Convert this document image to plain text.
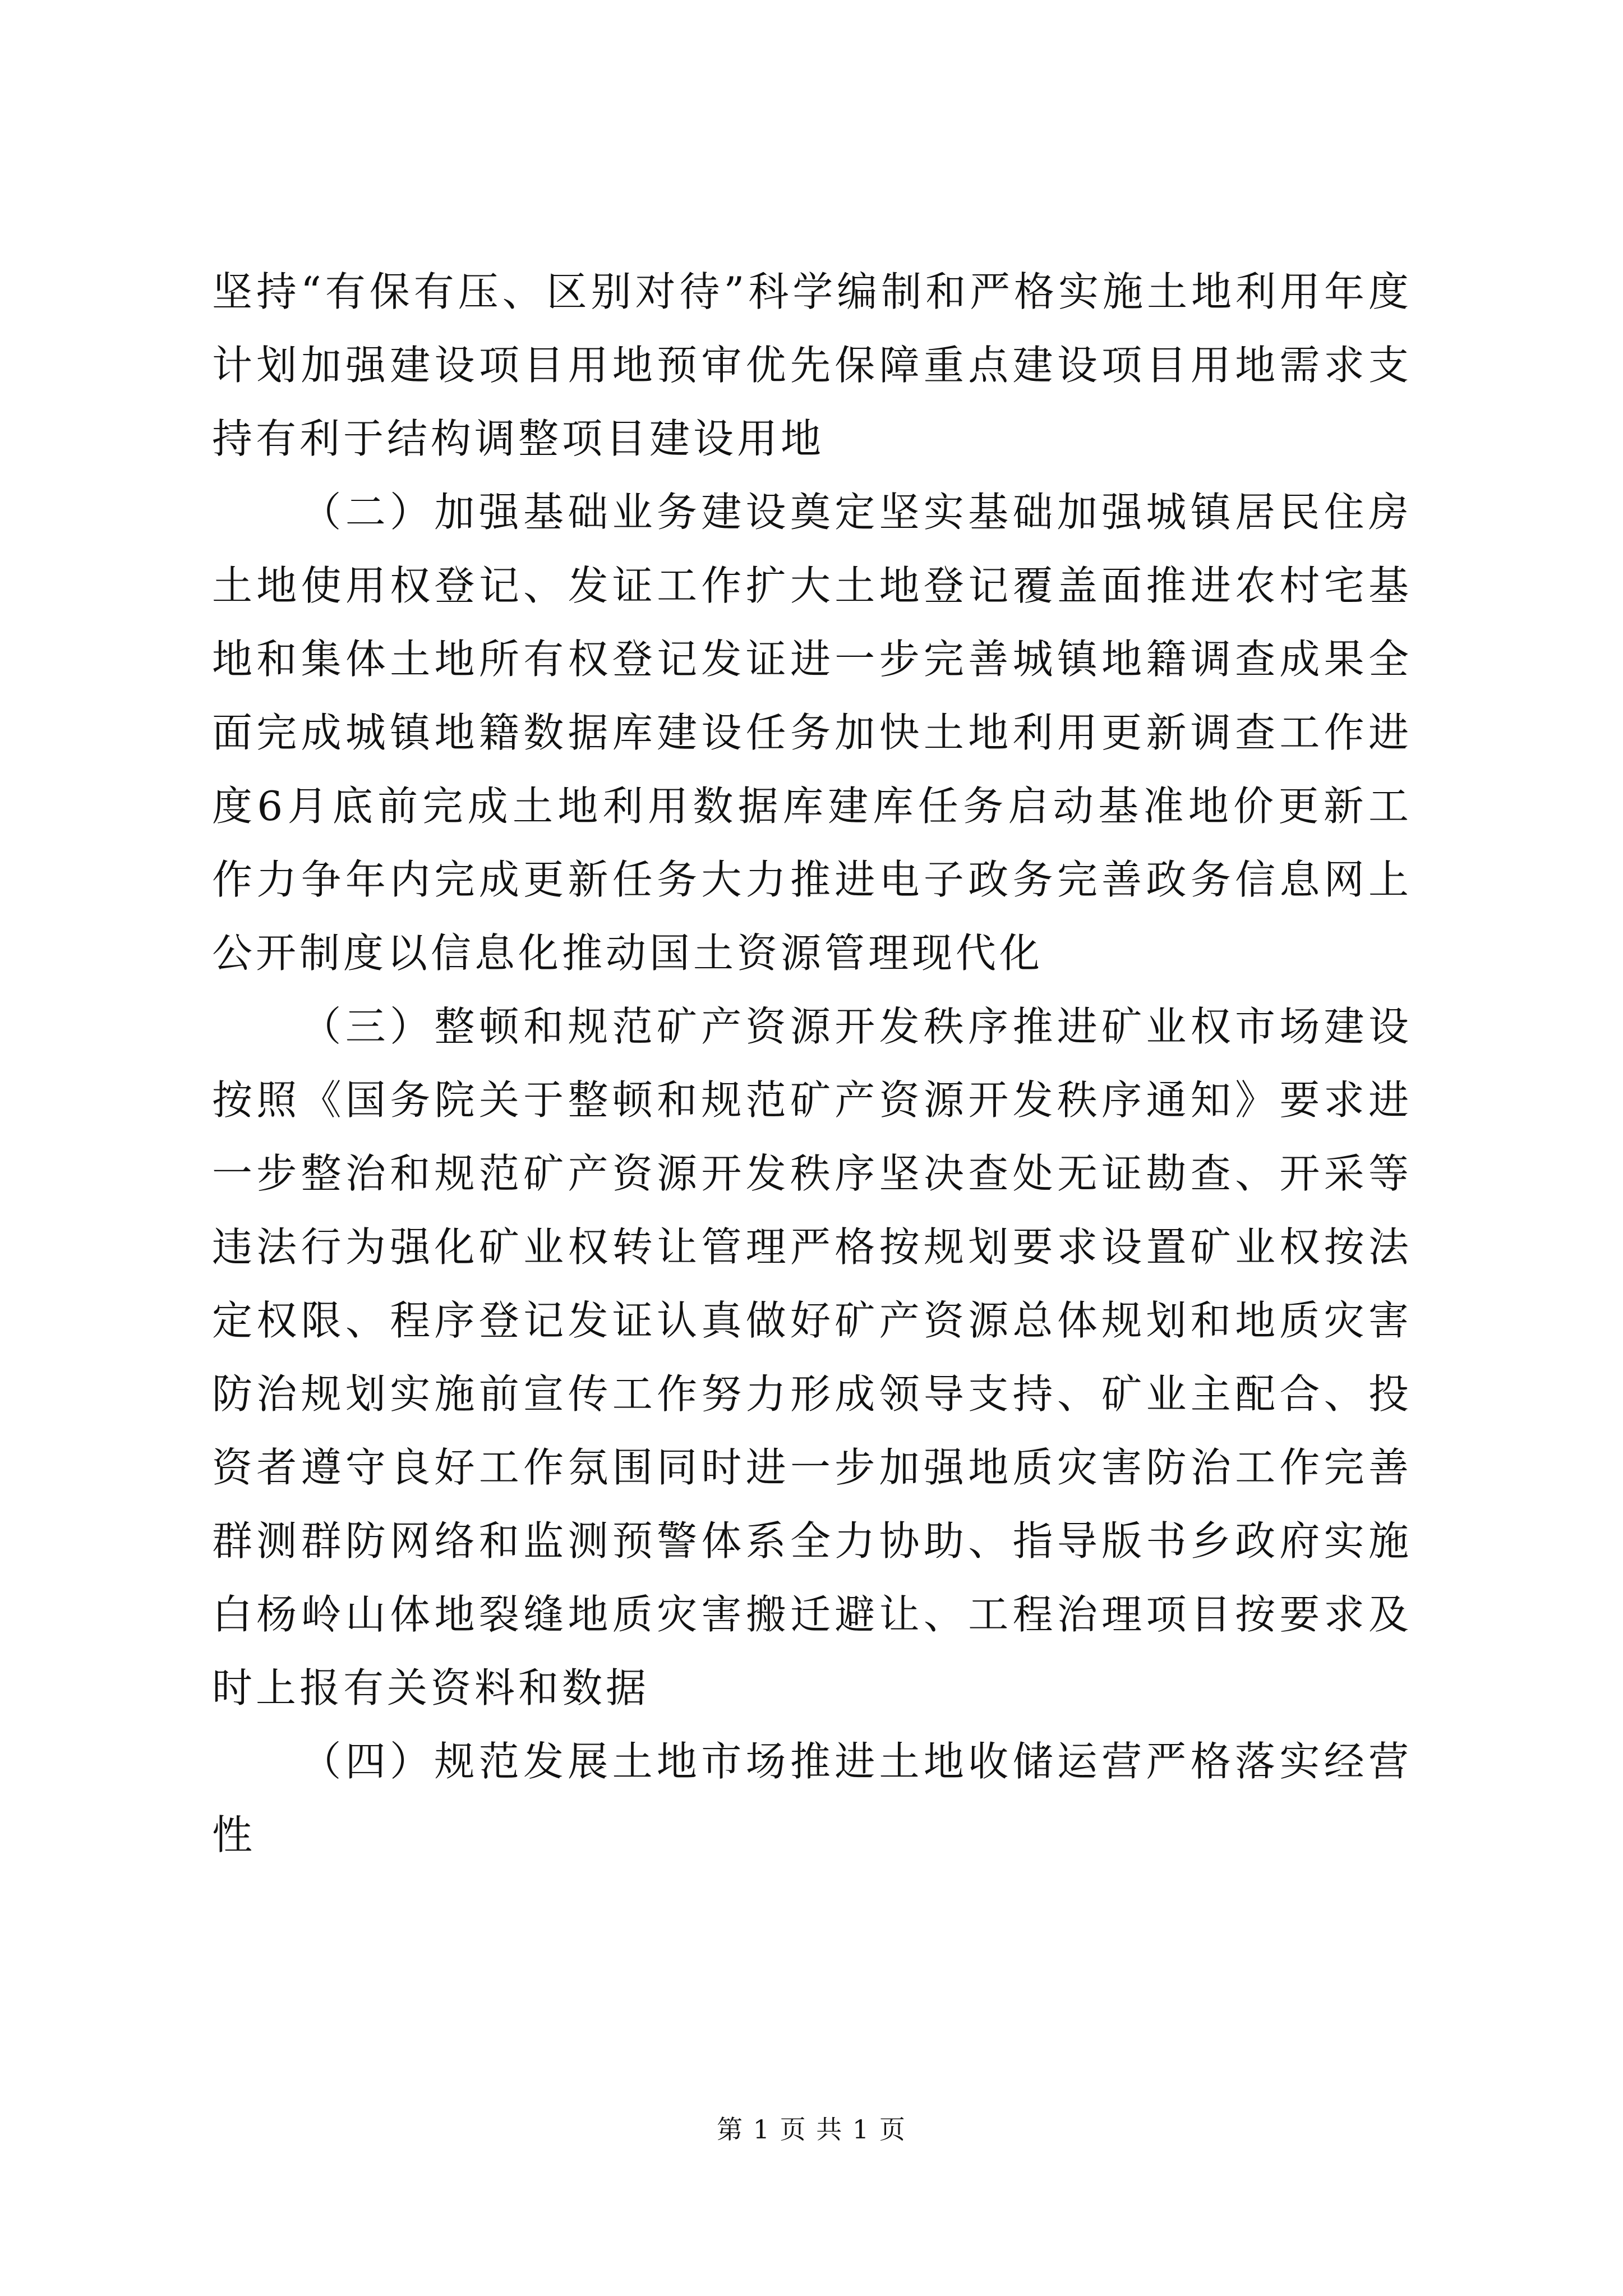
坚持“有保有压、区别对待”科学编制和严格实施土地利用年度计划加强建设项目用地预审优先保障重点建设项目用地需求支持有利于结构调整项目建设用地

（二）加强基础业务建设奠定坚实基础加强城镇居民住房土地使用权登记、发证工作扩大土地登记覆盖面推进农村宅基地和集体土地所有权登记发证进一步完善城镇地籍调查成果全面完成城镇地籍数据库建设任务加快土地利用更新调查工作进度6月底前完成土地利用数据库建库任务启动基准地价更新工作力争年内完成更新任务大力推进电子政务完善政务信息网上公开制度以信息化推动国土资源管理现代化

（三）整顿和规范矿产资源开发秩序推进矿业权市场建设按照《国务院关于整顿和规范矿产资源开发秩序通知》要求进一步整治和规范矿产资源开发秩序坚决查处无证勘查、开采等违法行为强化矿业权转让管理严格按规划要求设置矿业权按法定权限、程序登记发证认真做好矿产资源总体规划和地质灾害防治规划实施前宣传工作努力形成领导支持、矿业主配合、投资者遵守良好工作氛围同时进一步加强地质灾害防治工作完善群测群防网络和监测预警体系全力协助、指导版书乡政府实施白杨岭山体地裂缝地质灾害搬迁避让、工程治理项目按要求及时上报有关资料和数据

（四）规范发展土地市场推进土地收储运营严格落实经营性

第 1 页 共 1 页
